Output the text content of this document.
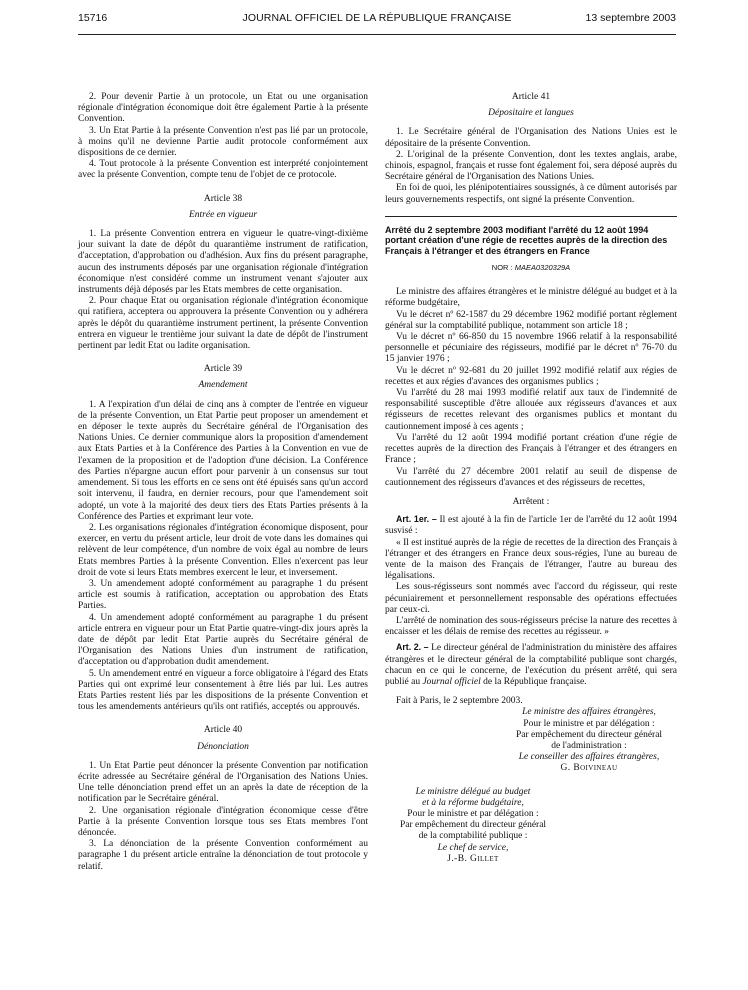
15716	JOURNAL OFFICIEL DE LA RÉPUBLIQUE FRANÇAISE	13 septembre 2003

2. Pour devenir Partie à un protocole, un Etat ou une organisation régionale d'intégration économique doit être également Partie à la présente Convention.

3. Un Etat Partie à la présente Convention n'est pas lié par un protocole, à moins qu'il ne devienne Partie audit protocole conformément aux dispositions de ce dernier.

4. Tout protocole à la présente Convention est interprété conjointement avec la présente Convention, compte tenu de l'objet de ce protocole.

Article 38
Entrée en vigueur

1. La présente Convention entrera en vigueur le quatre-vingt-dixième jour suivant la date de dépôt du quarantième instrument de ratification, d'acceptation, d'approbation ou d'adhésion. Aux fins du présent paragraphe, aucun des instruments déposés par une organisation régionale d'intégration économique n'est considéré comme un instrument venant s'ajouter aux instruments déjà déposés par les Etats membres de cette organisation.

2. Pour chaque Etat ou organisation régionale d'intégration économique qui ratifiera, acceptera ou approuvera la présente Convention ou y adhérera après le dépôt du quarantième instrument pertinent, la présente Convention entrera en vigueur le trentième jour suivant la date de dépôt de l'instrument pertinent par ledit Etat ou ladite organisation.

Article 39
Amendement

1. A l'expiration d'un délai de cinq ans à compter de l'entrée en vigueur de la présente Convention, un Etat Partie peut proposer un amendement et en déposer le texte auprès du Secrétaire général de l'Organisation des Nations Unies. Ce dernier communique alors la proposition d'amendement aux Etats Parties et à la Conférence des Parties à la Convention en vue de l'examen de la proposition et de l'adoption d'une décision. La Conférence des Parties n'épargne aucun effort pour parvenir à un consensus sur tout amendement. Si tous les efforts en ce sens ont été épuisés sans qu'un accord soit intervenu, il faudra, en dernier recours, pour que l'amendement soit adopté, un vote à la majorité des deux tiers des Etats Parties présents à la Conférence des Parties et exprimant leur vote.

2. Les organisations régionales d'intégration économique disposent, pour exercer, en vertu du présent article, leur droit de vote dans les domaines qui relèvent de leur compétence, d'un nombre de voix égal au nombre de leurs Etats membres Parties à la présente Convention. Elles n'exercent pas leur droit de vote si leurs Etats membres exercent le leur, et inversement.

3. Un amendement adopté conformément au paragraphe 1 du présent article est soumis à ratification, acceptation ou approbation des Etats Parties.

4. Un amendement adopté conformément au paragraphe 1 du présent article entrera en vigueur pour un Etat Partie quatre-vingt-dix jours après la date de dépôt par ledit Etat Partie auprès du Secrétaire général de l'Organisation des Nations Unies d'un instrument de ratification, d'acceptation ou d'approbation dudit amendement.

5. Un amendement entré en vigueur a force obligatoire à l'égard des Etats Parties qui ont exprimé leur consentement à être liés par lui. Les autres Etats Parties restent liés par les dispositions de la présente Convention et tous les amendements antérieurs qu'ils ont ratifiés, acceptés ou approuvés.

Article 40
Dénonciation

1. Un Etat Partie peut dénoncer la présente Convention par notification écrite adressée au Secrétaire général de l'Organisation des Nations Unies. Une telle dénonciation prend effet un an après la date de réception de la notification par le Secrétaire général.

2. Une organisation régionale d'intégration économique cesse d'être Partie à la présente Convention lorsque tous ses Etats membres l'ont dénoncée.

3. La dénonciation de la présente Convention conformément au paragraphe 1 du présent article entraîne la dénonciation de tout protocole y relatif.

Article 41
Dépositaire et langues

1. Le Secrétaire général de l'Organisation des Nations Unies est le dépositaire de la présente Convention.

2. L'original de la présente Convention, dont les textes anglais, arabe, chinois, espagnol, français et russe font également foi, sera déposé auprès du Secrétaire général de l'Organisation des Nations Unies.

En foi de quoi, les plénipotentiaires soussignés, à ce dûment autorisés par leurs gouvernements respectifs, ont signé la présente Convention.

Arrêté du 2 septembre 2003 modifiant l'arrêté du 12 août 1994 portant création d'une régie de recettes auprès de la direction des Français à l'étranger et des étrangers en France
NOR : MAEA0320329A

Le ministre des affaires étrangères et le ministre délégué au budget et à la réforme budgétaire,

Vu le décret nº 62-1587 du 29 décembre 1962 modifié portant règlement général sur la comptabilité publique, notamment son article 18 ;

Vu le décret nº 66-850 du 15 novembre 1966 relatif à la responsabilité personnelle et pécuniaire des régisseurs, modifié par le décret nº 76-70 du 15 janvier 1976 ;

Vu le décret nº 92-681 du 20 juillet 1992 modifié relatif aux régies de recettes et aux régies d'avances des organismes publics ;

Vu l'arrêté du 28 mai 1993 modifié relatif aux taux de l'indemnité de responsabilité susceptible d'être allouée aux régisseurs d'avances et aux régisseurs de recettes relevant des organismes publics et montant du cautionnement imposé à ces agents ;

Vu l'arrêté du 12 août 1994 modifié portant création d'une régie de recettes auprès de la direction des Français à l'étranger et des étrangers en France ;

Vu l'arrêté du 27 décembre 2001 relatif au seuil de dispense de cautionnement des régisseurs d'avances et des régisseurs de recettes,

Arrêtent :

Art. 1er. – Il est ajouté à la fin de l'article 1er de l'arrêté du 12 août 1994 susvisé :

« Il est institué auprès de la régie de recettes de la direction des Français à l'étranger et des étrangers en France deux sous-régies, l'une au bureau de vente de la maison des Français de l'étranger, l'autre au bureau des légalisations.

Les sous-régisseurs sont nommés avec l'accord du régisseur, qui reste pécuniairement et personnellement responsable des opérations effectuées par ceux-ci.

L'arrêté de nomination des sous-régisseurs précise la nature des recettes à encaisser et les délais de remise des recettes au régisseur. »

Art. 2. – Le directeur général de l'administration du ministère des affaires étrangères et le directeur général de la comptabilité publique sont chargés, chacun en ce qui le concerne, de l'exécution du présent arrêté, qui sera publié au Journal officiel de la République française.

Fait à Paris, le 2 septembre 2003.

Le ministre des affaires étrangères,
Pour le ministre et par délégation :
Par empêchement du directeur général
de l'administration :
Le conseiller des affaires étrangères,
G. Boivineau
Le ministre délégué au budget
et à la réforme budgétaire,
Pour le ministre et par délégation :
Par empêchement du directeur général
de la comptabilité publique :
Le chef de service,
J.-B. Gillet
